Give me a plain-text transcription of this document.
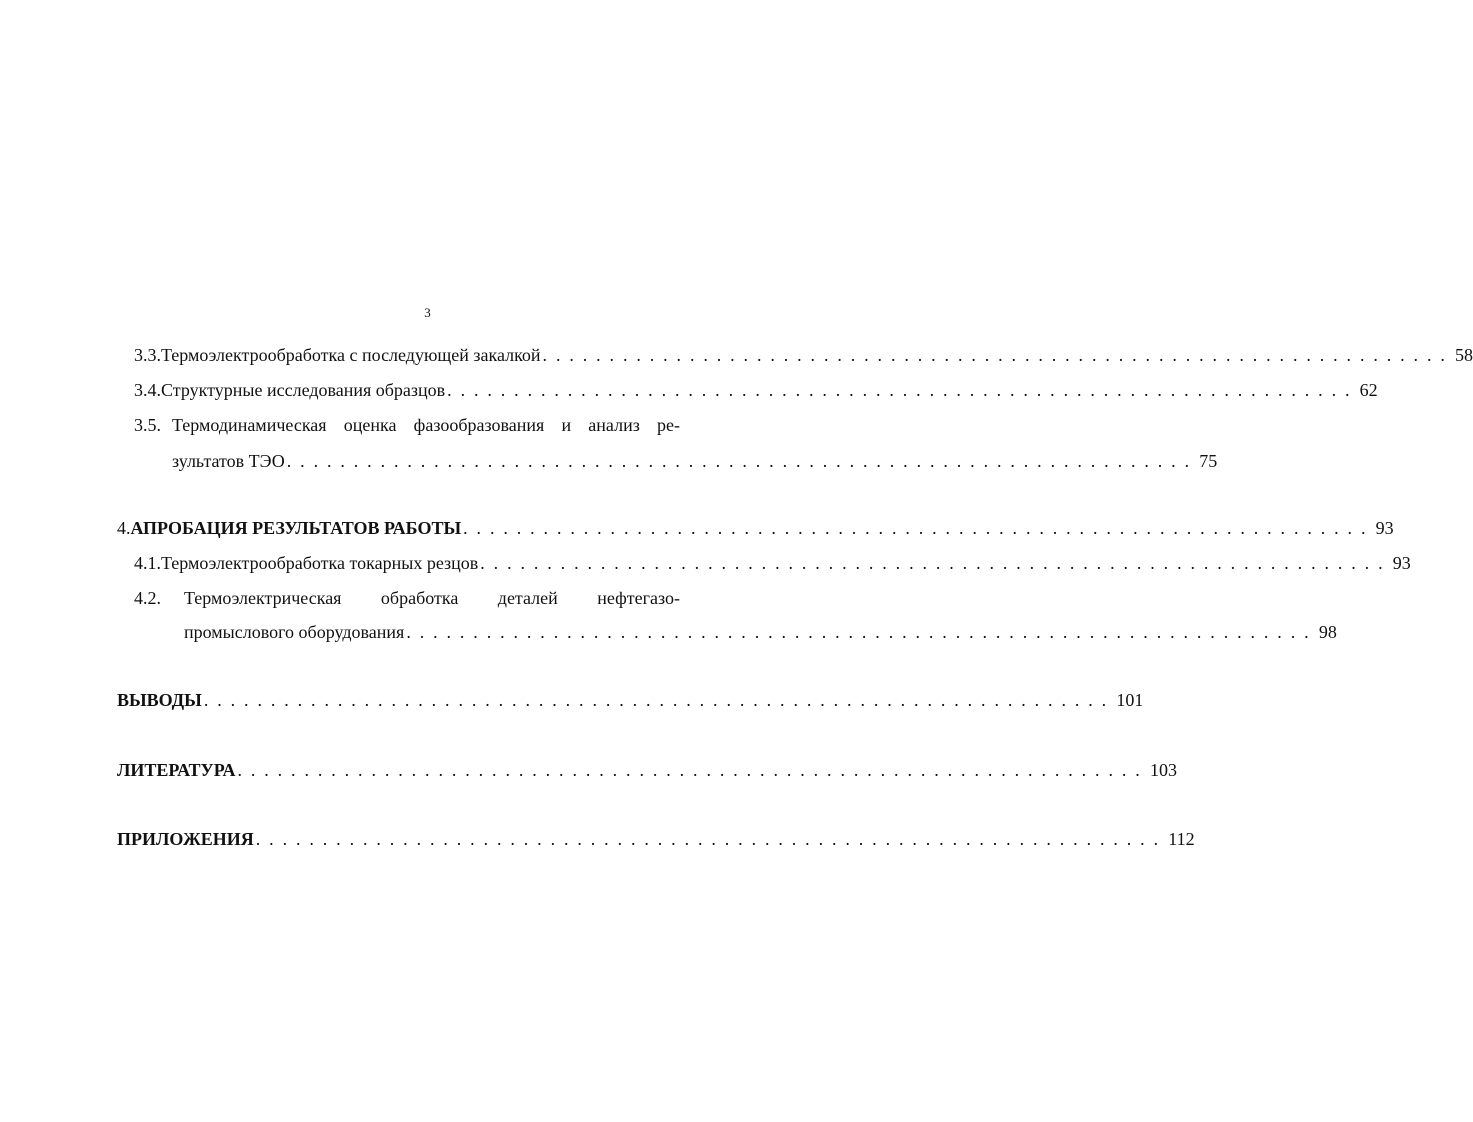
3
3.3. Термоэлектрообработка с последующей закалкой . . . . . . . . . . . . . . . . . . . . . . . . . . . . . . . . . . . . . . . . . . . . . . . . . . . . . . . . . . . . . . . . . . . . 58
3.4. Структурные исследования образцов . . . . . . . . . . . . . . . . . . . . . . . . . . . . . . . . . . . . . . . . . . . . . . . . . . . . . . . . . . . . . . . . . . . . 62
3.5. Термодинамическая оценка фазообразования и анализ ре-
зультатов ТЭО . . . . . . . . . . . . . . . . . . . . . . . . . . . . . . . . . . . . . . . . . . . . . . . . . . . . . . . . . . . . . . . . . . . . 75
4. АПРОБАЦИЯ РЕЗУЛЬТАТОВ РАБОТЫ . . . . . . . . . . . . . . . . . . . . . . . . . . . . . . . . . . . . . . . . . . . . . . . . . . . . . . . . . . . . . . . . . . . . 93
4.1. Термоэлектрообработка токарных резцов . . . . . . . . . . . . . . . . . . . . . . . . . . . . . . . . . . . . . . . . . . . . . . . . . . . . . . . . . . . . . . . . . . . . 93
4.2.	Термоэлектрическая обработка деталей нефтегазо-
промыслового оборудования . . . . . . . . . . . . . . . . . . . . . . . . . . . . . . . . . . . . . . . . . . . . . . . . . . . . . . . . . . . . . . . . . . . . 98
ВЫВОДЫ . . . . . . . . . . . . . . . . . . . . . . . . . . . . . . . . . . . . . . . . . . . . . . . . . . . . . . . . . . . . . . . . . . . . 101
ЛИТЕРАТУРА . . . . . . . . . . . . . . . . . . . . . . . . . . . . . . . . . . . . . . . . . . . . . . . . . . . . . . . . . . . . . . . . . . . . 103
ПРИЛОЖЕНИЯ . . . . . . . . . . . . . . . . . . . . . . . . . . . . . . . . . . . . . . . . . . . . . . . . . . . . . . . . . . . . . . . . . . . . 112
